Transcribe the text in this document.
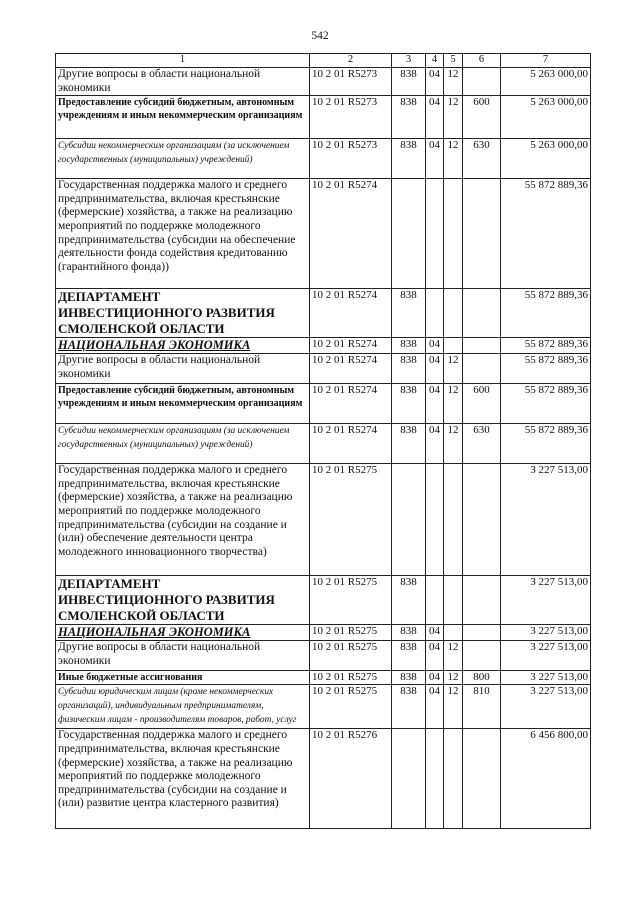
542
1	2	3	4	5	6	7
Другие вопросы в области национальной экономики	10 2 01 R5273	838	04	12		5 263 000,00
Предоставление субсидий бюджетным, автономным учреждениям и иным некоммерческим организациям	10 2 01 R5273	838	04	12	600	5 263 000,00
Субсидии некоммерческим организациям (за исключением государственных (муниципальных) учреждений)	10 2 01 R5273	838	04	12	630	5 263 000,00
Государственная поддержка малого и среднего предпринимательства, включая крестьянские (фермерские) хозяйства, а также на реализацию мероприятий по поддержке молодежного предпринимательства (субсидии на обеспечение деятельности фонда содействия кредитованию (гарантийного фонда))	10 2 01 R5274					55 872 889,36
ДЕПАРТАМЕНТ ИНВЕСТИЦИОННОГО РАЗВИТИЯ СМОЛЕНСКОЙ ОБЛАСТИ	10 2 01 R5274	838				55 872 889,36
НАЦИОНАЛЬНАЯ ЭКОНОМИКА	10 2 01 R5274	838	04			55 872 889,36
Другие вопросы в области национальной экономики	10 2 01 R5274	838	04	12		55 872 889,36
Предоставление субсидий бюджетным, автономным учреждениям и иным некоммерческим организациям	10 2 01 R5274	838	04	12	600	55 872 889,36
Субсидии некоммерческим организациям (за исключением государственных (муниципальных) учреждений)	10 2 01 R5274	838	04	12	630	55 872 889,36
Государственная поддержка малого и среднего предпринимательства, включая крестьянские (фермерские) хозяйства, а также на реализацию мероприятий по поддержке молодежного предпринимательства (субсидии на создание и (или) обеспечение деятельности центра молодежного инновационного творчества)	10 2 01 R5275					3 227 513,00
ДЕПАРТАМЕНТ ИНВЕСТИЦИОННОГО РАЗВИТИЯ СМОЛЕНСКОЙ ОБЛАСТИ	10 2 01 R5275	838				3 227 513,00
НАЦИОНАЛЬНАЯ ЭКОНОМИКА	10 2 01 R5275	838	04			3 227 513,00
Другие вопросы в области национальной экономики	10 2 01 R5275	838	04	12		3 227 513,00
Иные бюджетные ассигнования	10 2 01 R5275	838	04	12	800	3 227 513,00
Субсидии юридическим лицам (кроме некоммерческих организаций), индивидуальным предпринимателям, физическим лицам - производителям товаров, работ, услуг	10 2 01 R5275	838	04	12	810	3 227 513,00
Государственная поддержка малого и среднего предпринимательства, включая крестьянские (фермерские) хозяйства, а также на реализацию мероприятий по поддержке молодежного предпринимательства (субсидии на создание и (или) развитие центра кластерного развития)	10 2 01 R5276					6 456 800,00
